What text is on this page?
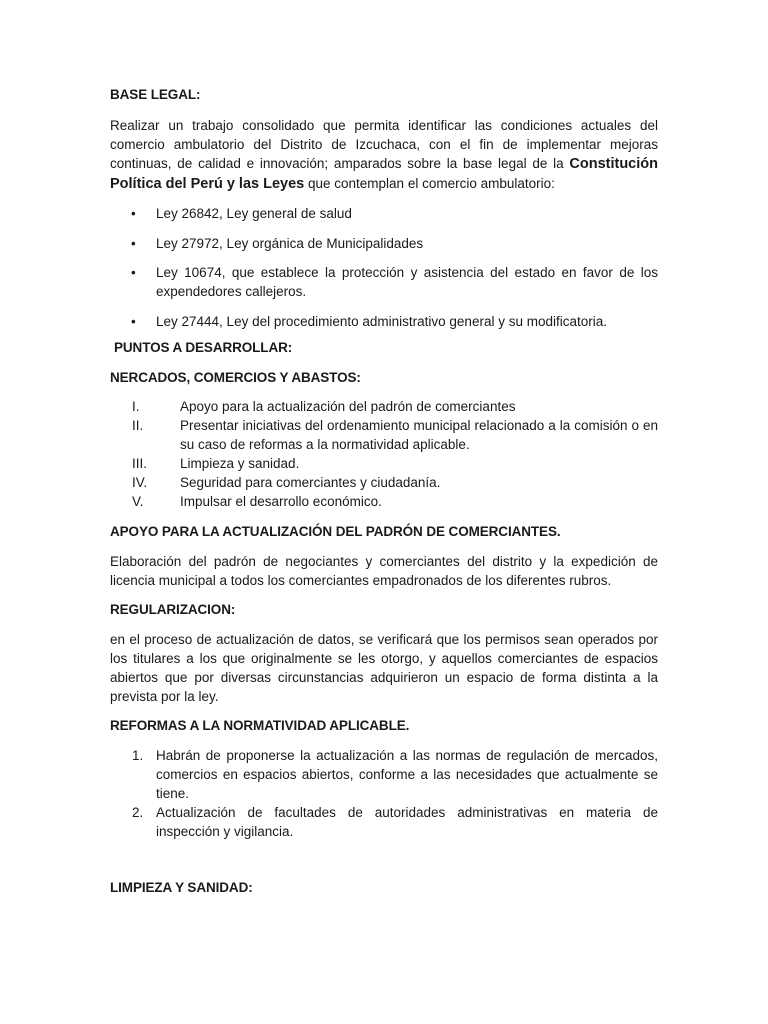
BASE LEGAL:

Realizar un trabajo consolidado que permita identificar las condiciones actuales del comercio ambulatorio del Distrito de Izcuchaca, con el fin de implementar mejoras continuas, de calidad e innovación; amparados sobre la base legal de la Constitución Política del Perú y las Leyes que contemplan el comercio ambulatorio:

• Ley 26842, Ley general de salud
• Ley 27972, Ley orgánica de Municipalidades
• Ley 10674, que establece la protección y asistencia del estado en favor de los expendedores callejeros.
• Ley 27444, Ley del procedimiento administrativo general y su modificatoria.
PUNTOS A DESARROLLAR:
NERCADOS, COMERCIOS Y ABASTOS:
I.	Apoyo para la actualización del padrón de comerciantes
II.	Presentar iniciativas del ordenamiento municipal relacionado a la comisión o en su caso de reformas a la normatividad aplicable.
III. Limpieza y sanidad.
IV. Seguridad para comerciantes y ciudadanía.
V.	Impulsar el desarrollo económico.
APOYO PARA LA ACTUALIZACIÓN DEL PADRÓN DE COMERCIANTES.

Elaboración del padrón de negociantes y comerciantes del distrito y la expedición de licencia municipal a todos los comerciantes empadronados de los diferentes rubros.

REGULARIZACION:

en el proceso de actualización de datos, se verificará que los permisos sean operados por los titulares a los que originalmente se les otorgo, y aquellos comerciantes de espacios abiertos que por diversas circunstancias adquirieron un espacio de forma distinta a la prevista por la ley.

REFORMAS A LA NORMATIVIDAD APLICABLE.
1. Habrán de proponerse la actualización a las normas de regulación de mercados, comercios en espacios abiertos, conforme a las necesidades que actualmente se tiene.
2. Actualización de facultades de autoridades administrativas en materia de inspección y vigilancia.
LIMPIEZA Y SANIDAD:
